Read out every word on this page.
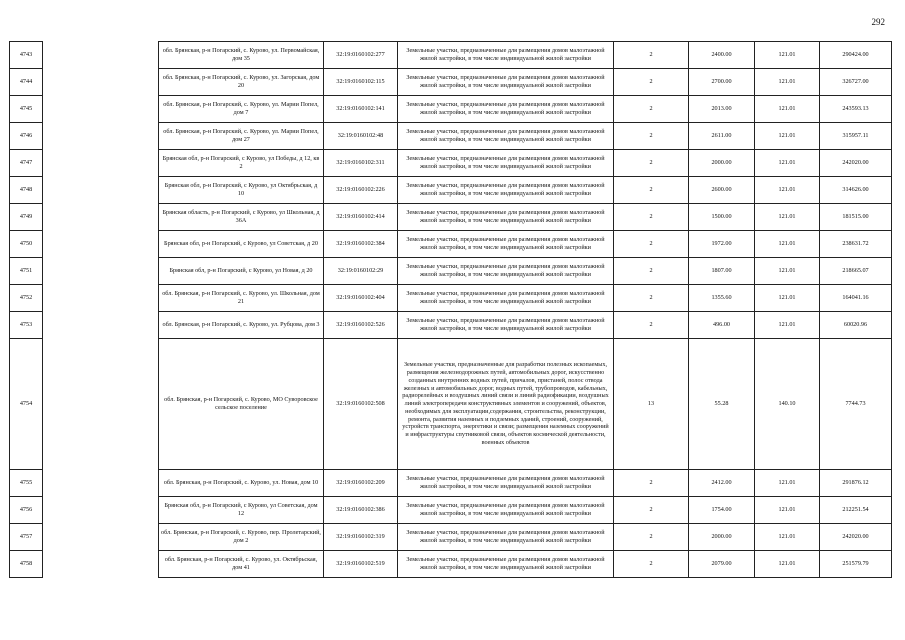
292
4743		обл. Брянская, р-н Погарский, с. Курово, ул. Первомайская, дом 35	32:19:0160102:277	Земельные участки, предназначенные для размещения домов малоэтажной жилой застройки, в том числе индивидуальной жилой застройки	2	2400.00	121.01	290424.00
4744		обл. Брянская, р-н Погарский, с. Курово, ул. Загорская, дом 20	32:19:0160102:115	Земельные участки, предназначенные для размещения домов малоэтажной жилой застройки, в том числе индивидуальной жилой застройки	2	2700.00	121.01	326727.00
4745		обл. Брянская, р-н Погарский, с. Курово, ул. Марии Попел, дом 7	32:19:0160102:141	Земельные участки, предназначенные для размещения домов малоэтажной жилой застройки, в том числе индивидуальной жилой застройки	2	2013.00	121.01	243593.13
4746		обл. Брянская, р-н Погарский, с. Курово, ул. Марии Попел, дом 27	32:19:0160102:48	Земельные участки, предназначенные для размещения домов малоэтажной жилой застройки, в том числе индивидуальной жилой застройки	2	2611.00	121.01	315957.11
4747		Брянская обл, р-н Погарский, с Курово, ул Победы, д 12, кв 2	32:19:0160102:311	Земельные участки, предназначенные для размещения домов малоэтажной жилой застройки, в том числе индивидуальной жилой застройки	2	2000.00	121.01	242020.00
4748		Брянская обл, р-н Погарский, с Курово, ул Октябрьская, д 10	32:19:0160102:226	Земельные участки, предназначенные для размещения домов малоэтажной жилой застройки, в том числе индивидуальной жилой застройки	2	2600.00	121.01	314626.00
4749		Брянская область, р-н Погарский, с Курово, ул Школьная, д 36А	32:19:0160102:414	Земельные участки, предназначенные для размещения домов малоэтажной жилой застройки, в том числе индивидуальной жилой застройки	2	1500.00	121.01	181515.00
4750		Брянская обл, р-н Погарский, с Курово, ул Советская, д 20	32:19:0160102:384	Земельные участки, предназначенные для размещения домов малоэтажной жилой застройки, в том числе индивидуальной жилой застройки	2	1972.00	121.01	238631.72
4751		Брянская обл, р-н Погарский, с Курово, ул Новая, д 20	32:19:0160102:29	Земельные участки, предназначенные для размещения домов малоэтажной жилой застройки, в том числе индивидуальной жилой застройки	2	1807.00	121.01	218665.07
4752		обл. Брянская, р-н Погарский, с. Курово, ул. Школьная, дом 21	32:19:0160102:404	Земельные участки, предназначенные для размещения домов малоэтажной жилой застройки, в том числе индивидуальной жилой застройки	2	1355.60	121.01	164041.16
4753		обл. Брянская, р-н Погарский, с. Курово, ул. Рубцова, дом 3	32:19:0160102:526	Земельные участки, предназначенные для размещения домов малоэтажной жилой застройки, в том числе индивидуальной жилой застройки	2	496.00	121.01	60020.96
4754		обл. Брянская, р-н Погарский, с. Курово, МО Суворовское сельское поселение	32:19:0160102:508	Земельные участки, предназначенные для разработки полезных ископаемых, размещения железнодорожных путей, автомобильных дорог, искусственно созданных внутренних водных путей, причалов, пристаней, полос отвода железных и автомобильных дорог, водных путей, трубопроводов, кабельных, радиорелейных и воздушных линий связи и линий радиофикации, воздушных линий электропередачи конструктивных элементов и сооружений, объектов, необходимых для эксплуатации,содержания, строительства, реконструкции, ремонта, развития наземных и подземных зданий, строений, сооружений, устройств транспорта, энергетики и связи; размещения наземных сооружений и инфраструктуры спутниковой связи, объектов космической деятельности, военных объектов	13	55.28	140.10	7744.73
4755		обл. Брянская, р-н Погарский, с. Курово, ул. Новая, дом 10	32:19:0160102:209	Земельные участки, предназначенные для размещения домов малоэтажной жилой застройки, в том числе индивидуальной жилой застройки	2	2412.00	121.01	291876.12
4756		Брянская обл, р-н Погарский, с Курово, ул Советская, дом 12	32:19:0160102:386	Земельные участки, предназначенные для размещения домов малоэтажной жилой застройки, в том числе индивидуальной жилой застройки	2	1754.00	121.01	212251.54
4757		обл. Брянская, р-н Погарский, с. Курово, пер. Пролетарский, дом 2	32:19:0160102:319	Земельные участки, предназначенные для размещения домов малоэтажной жилой застройки, в том числе индивидуальной жилой застройки	2	2000.00	121.01	242020.00
4758		обл. Брянская, р-н Погарский, с. Курово, ул. Октябрьская, дом 41	32:19:0160102:519	Земельные участки, предназначенные для размещения домов малоэтажной жилой застройки, в том числе индивидуальной жилой застройки	2	2079.00	121.01	251579.79
